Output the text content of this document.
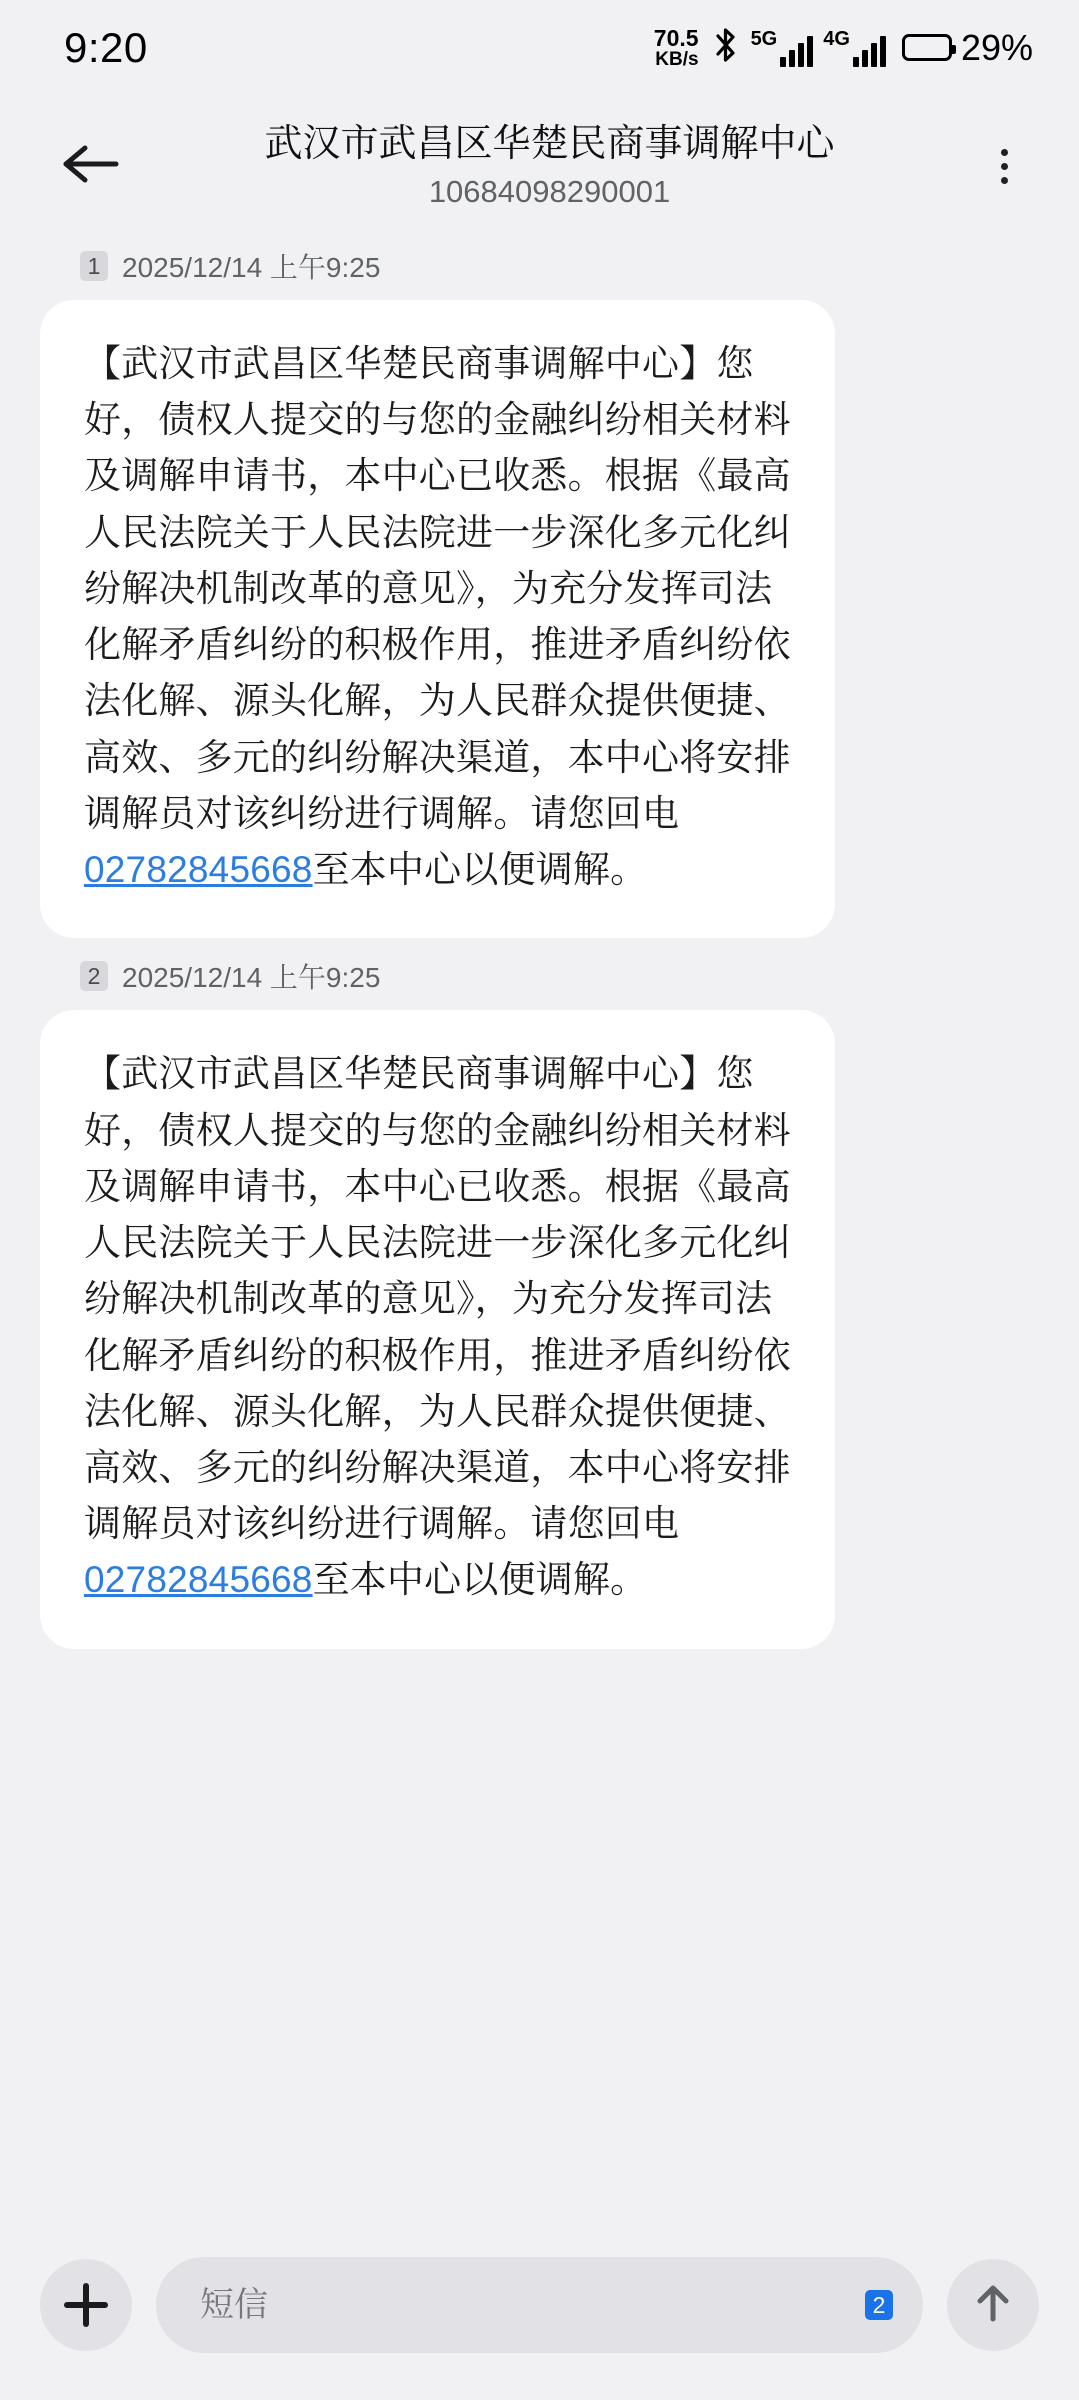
9:20	70.5
KB/s
5G 4G	29%
武汉市武昌区华楚民商事调解中心
10684098290001
1 2025/12/14 上午9:25
【武汉市武昌区华楚民商事调解中心】您好，债权人提交的与您的金融纠纷相关材料及调解申请书，本中心已收悉。根据《最高人民法院关于人民法院进一步深化多元化纠纷解决机制改革的意见》，为充分发挥司法化解矛盾纠纷的积极作用，推进矛盾纠纷依法化解、源头化解，为人民群众提供便捷、高效、多元的纠纷解决渠道，本中心将安排调解员对该纠纷进行调解。请您回电02782845668至本中心以便调解。
2 2025/12/14 上午9:25
【武汉市武昌区华楚民商事调解中心】您好，债权人提交的与您的金融纠纷相关材料及调解申请书，本中心已收悉。根据《最高人民法院关于人民法院进一步深化多元化纠纷解决机制改革的意见》，为充分发挥司法化解矛盾纠纷的积极作用，推进矛盾纠纷依法化解、源头化解，为人民群众提供便捷、高效、多元的纠纷解决渠道，本中心将安排调解员对该纠纷进行调解。请您回电02782845668至本中心以便调解。
短信
2
